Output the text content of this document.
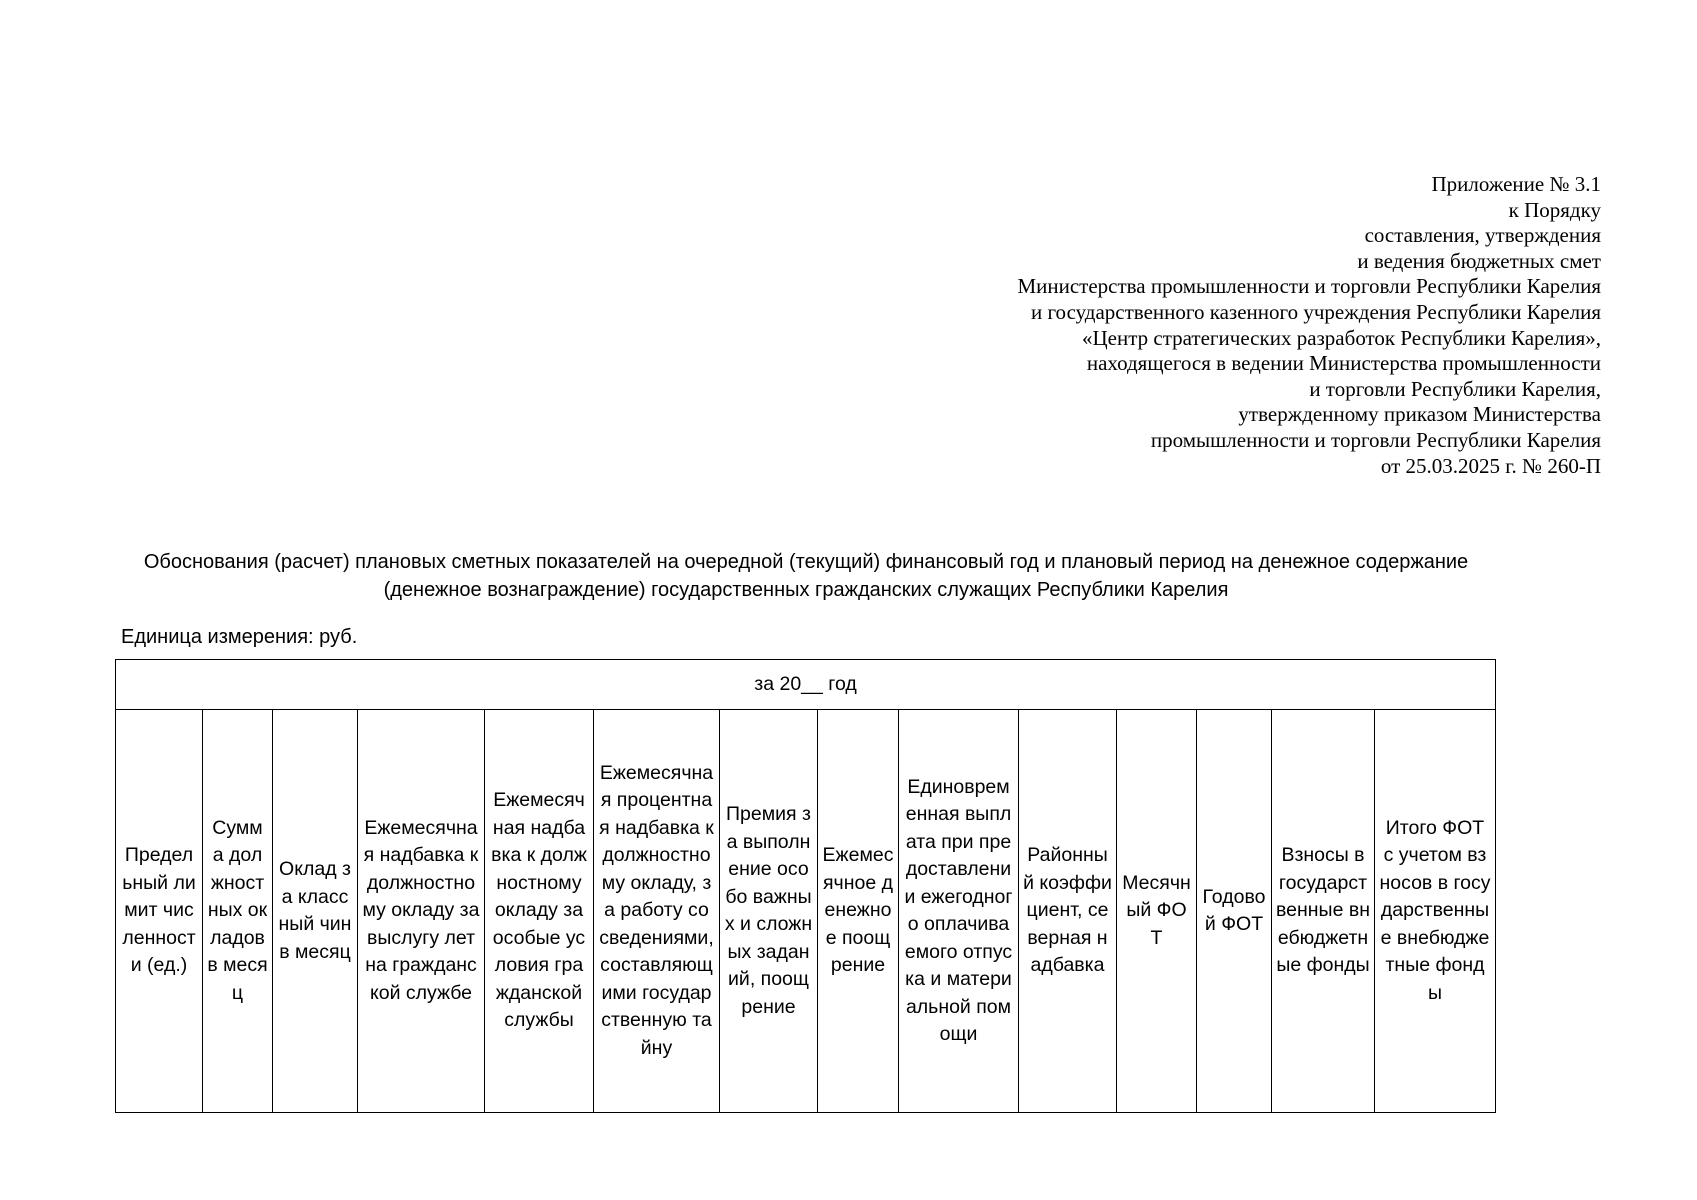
Приложение № 3.1
к Порядку
составления, утверждения
и ведения бюджетных смет
Министерства промышленности и торговли Республики Карелия
и государственного казенного учреждения Республики Карелия
«Центр стратегических разработок Республики Карелия»,
находящегося в ведении Министерства промышленности
и торговли Республики Карелия,
утвержденному приказом Министерства
промышленности и торговли Республики Карелия
от 25.03.2025 г. № 260-П
Обоснования (расчет) плановых сметных показателей на очередной (текущий) финансовый год и плановый период на денежное содержание
(денежное вознаграждение) государственных гражданских служащих Республики Карелия
Единица измерения: руб.
за 20__ год
Предельный лимит численности (ед.)	Сумма должностных окладов в месяц	Оклад за классный чин в месяц	Ежемесячная надбавка к должностному окладу за выслугу лет на гражданской службе	Ежемесячная надбавка к должностному окладу за особые условия гражданской службы	Ежемесячная процентная надбавка к должностному окладу, за работу со сведениями, составляющими государственную тайну	Премия за выполнение особо важных и сложных заданий, поощрение	Ежемесячное денежное поощрение	Единовременная выплата при предоставлении ежегодного оплачиваемого отпуска и материальной помощи	Районный коэффициент, северная надбавка	Месячный ФОТ	Годовой ФОТ	Взносы в государственные внебюджетные фонды	Итого ФОТ с учетом взносов в государственные внебюджетные фонды
